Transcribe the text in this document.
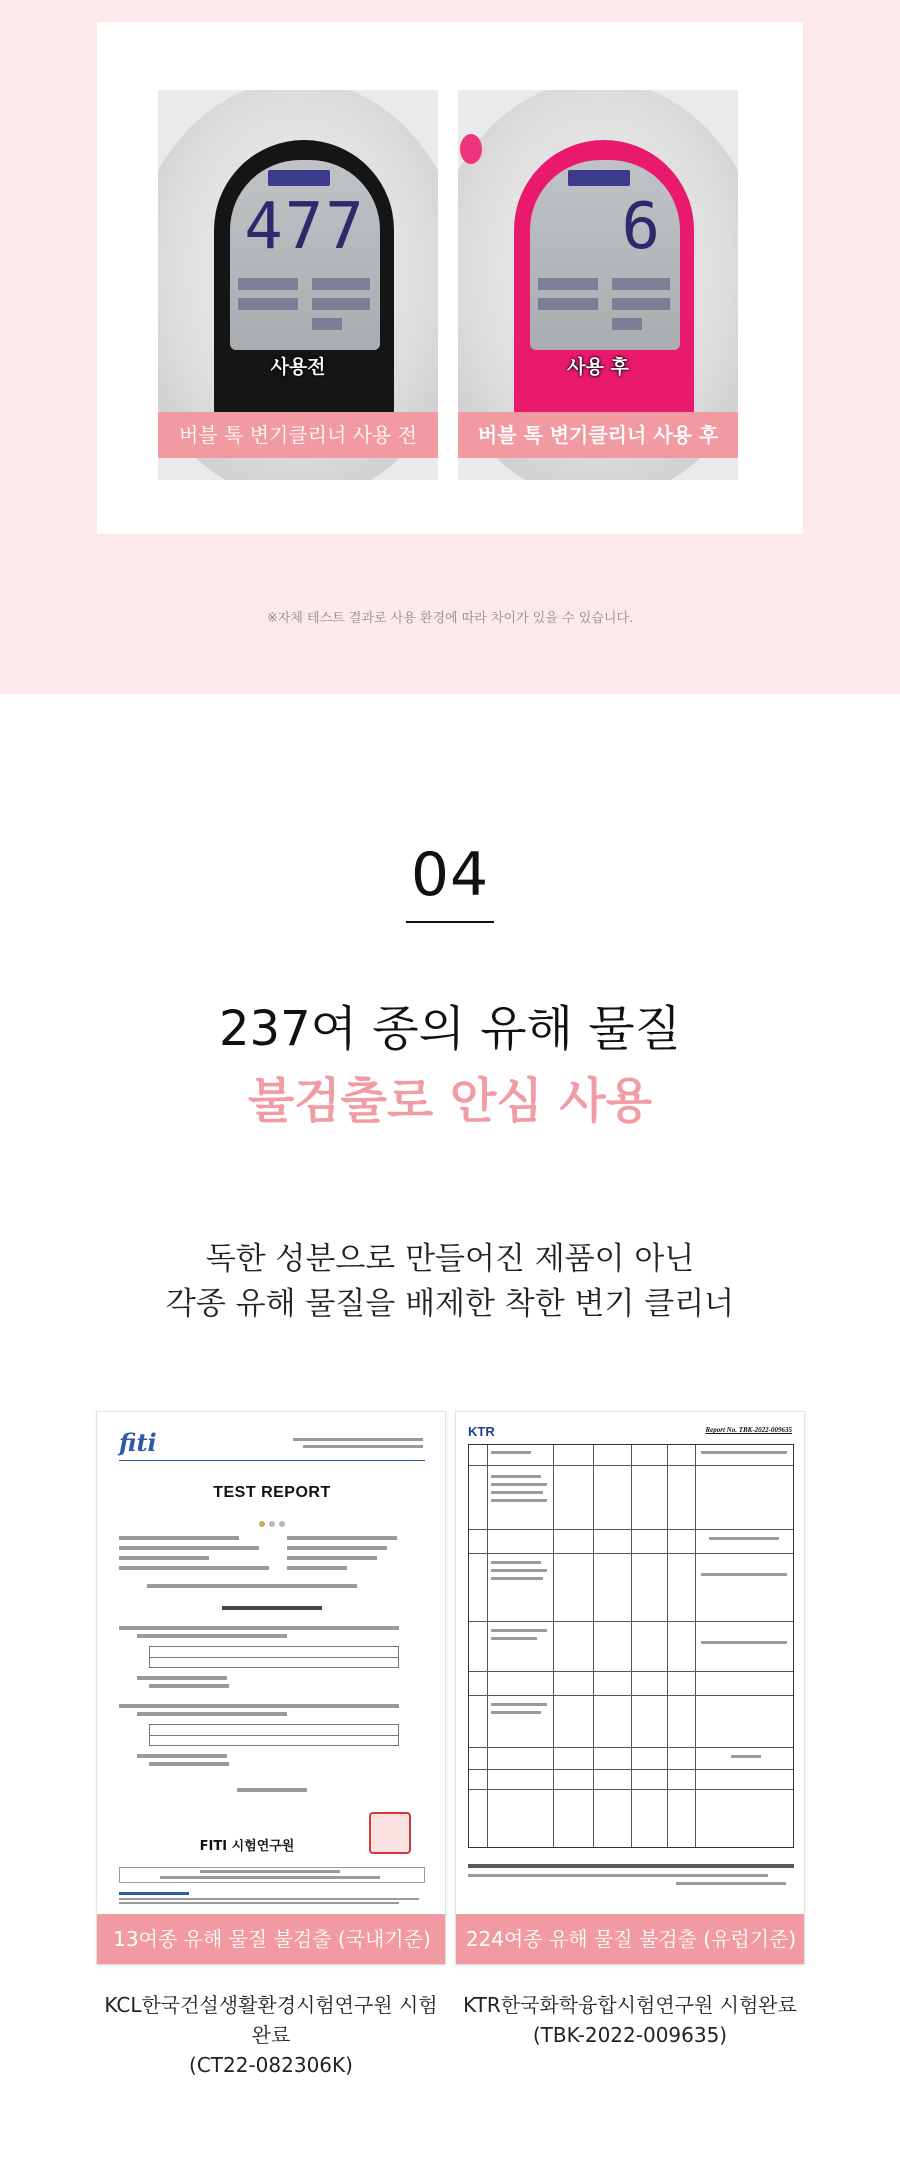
477
사용전
6
사용 후
버블 톡 변기클리너 사용 전	버블 톡 변기클리너 사용 후
※자체 테스트 결과로 사용 환경에 따라 차이가 있을 수 있습니다.
04
237여 종의 유해 물질
불검출로 안심 사용
독한 성분으로 만들어진 제품이 아닌
각종 유해 물질을 배제한 착한 변기 클리너
fiti
TEST REPORT
FITI 시험연구원
13여종 유해 물질 불검출 (국내기준)
KTR	Report No. TBK-2022-009635
224여종 유해 물질 불검출 (유럽기준)
KCL한국건설생활환경시험연구원 시험완료
(CT22-082306K)
KTR한국화학융합시험연구원 시험완료
(TBK-2022-009635)
